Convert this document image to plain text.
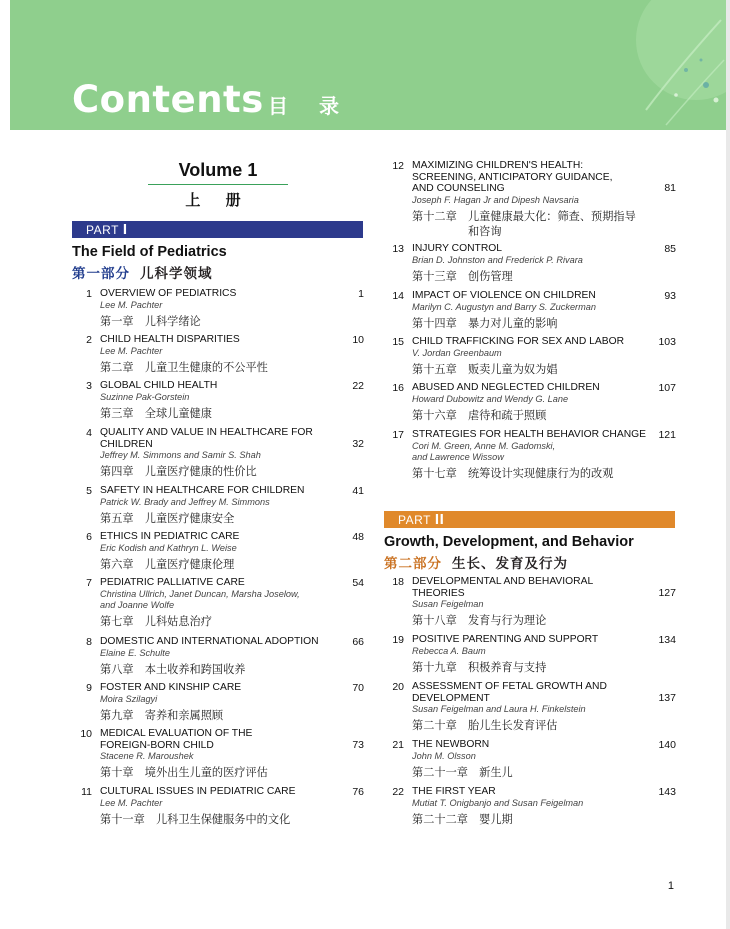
Contents 目 录
Volume 1
上 册
PART I
The Field of Pediatrics
第一部分 儿科学领域
PART II
Growth, Development, and Behavior
第二部分 生长、发育及行为
1 OVERVIEW OF PEDIATRICS
Lee M. Pachter
第一章　儿科学绪论
1
2 CHILD HEALTH DISPARITIES
Lee M. Pachter
第二章　儿童卫生健康的不公平性
10
3 GLOBAL CHILD HEALTH
Suzinne Pak-Gorstein
第三章　全球儿童健康
22
4 QUALITY AND VALUE IN HEALTHCARE FOR
CHILDREN
Jeffrey M. Simmons and Samir S. Shah
第四章　儿童医疗健康的性价比
32
5 SAFETY IN HEALTHCARE FOR CHILDREN
Patrick W. Brady and Jeffrey M. Simmons
第五章　儿童医疗健康安全
41
6 ETHICS IN PEDIATRIC CARE
Eric Kodish and Kathryn L. Weise
第六章　儿童医疗健康伦理
48
7 PEDIATRIC PALLIATIVE CARE
Christina Ullrich, Janet Duncan, Marsha Joselow,
and Joanne Wolfe
第七章　儿科姑息治疗
54
8 DOMESTIC AND INTERNATIONAL ADOPTION
Elaine E. Schulte
第八章　本土收养和跨国收养
66
9 FOSTER AND KINSHIP CARE
Moira Szilagyi
第九章　寄养和亲属照顾
70
10 MEDICAL EVALUATION OF THE
FOREIGN-BORN CHILD
Stacene R. Maroushek
第十章　境外出生儿童的医疗评估
73
11 CULTURAL ISSUES IN PEDIATRIC CARE
Lee M. Pachter
第十一章　儿科卫生保健服务中的文化
76
12 MAXIMIZING CHILDREN'S HEALTH:
SCREENING, ANTICIPATORY GUIDANCE,
AND COUNSELING
Joseph F. Hagan Jr and Dipesh Navsaria
第十二章　儿童健康最大化：筛查、预期指导
　　　　　和咨询
81
13 INJURY CONTROL
Brian D. Johnston and Frederick P. Rivara
第十三章　创伤管理
85
14 IMPACT OF VIOLENCE ON CHILDREN
Marilyn C. Augustyn and Barry S. Zuckerman
第十四章　暴力对儿童的影响
93
15 CHILD TRAFFICKING FOR SEX AND LABOR
V. Jordan Greenbaum
第十五章　贩卖儿童为奴为娼
103
16 ABUSED AND NEGLECTED CHILDREN
Howard Dubowitz and Wendy G. Lane
第十六章　虐待和疏于照顾
107
17 STRATEGIES FOR HEALTH BEHAVIOR CHANGE
Cori M. Green, Anne M. Gadomski,
and Lawrence Wissow
第十七章　统筹设计实现健康行为的改观
121
18 DEVELOPMENTAL AND BEHAVIORAL
THEORIES
Susan Feigelman
第十八章　发育与行为理论
127
19 POSITIVE PARENTING AND SUPPORT
Rebecca A. Baum
第十九章　积极养育与支持
134
20 ASSESSMENT OF FETAL GROWTH AND
DEVELOPMENT
Susan Feigelman and Laura H. Finkelstein
第二十章　胎儿生长发育评估
137
21 THE NEWBORN
John M. Olsson
第二十一章　新生儿
140
22 THE FIRST YEAR
Mutiat T. Onigbanjo and Susan Feigelman
第二十二章　婴儿期
143
1
